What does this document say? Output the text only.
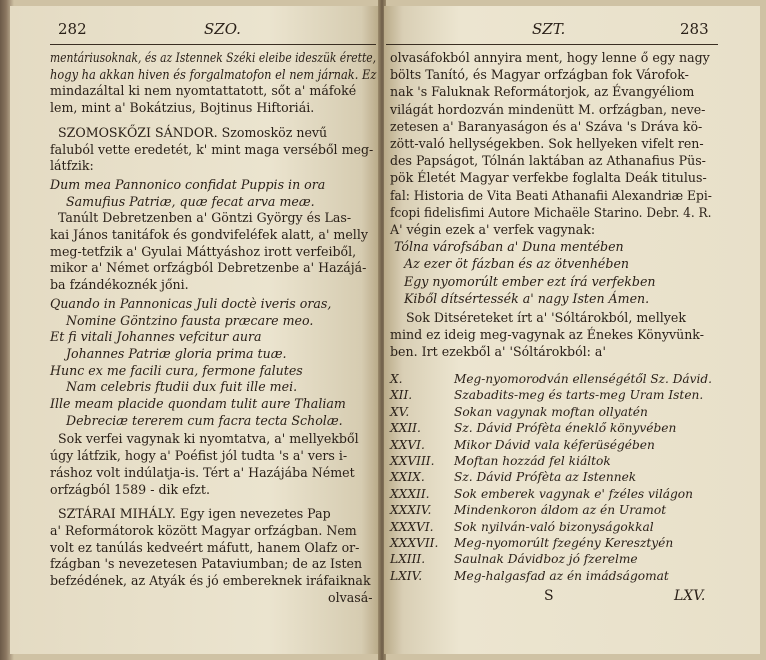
282	SZO.
mentáriusoknak, és az Istennek Széki eleibe ideszük érette,
hogy ha akkan hiven és forgalmatofon el nem járnak. Ez
mindazáltal ki nem nyomtattatott, sőt a' máfoké
lem, mint a' Bokátzius, Bojtinus Hiftoriái.
SZOMOSKŐZI SÁNDOR. Szomosköz nevű
faluból vette eredetét, k' mint maga verséből meg-
látfzik:
Dum mea Pannonico confidat Puppis in ora
Samufius Patriæ, quæ fecat arva meæ.
Tanúlt Debretzenben a' Göntzi György és Las-
kai János tanitáfok és gondvifeléfek alatt, a' melly
meg-tetfzik a' Gyulai Máttyáshoz irott verfeiből,
mikor a' Német orfzágból Debretzenbe a' Hazájá-
ba fzándékoznék jőni.
Quando in Pannonicas Juli doctè iveris oras,
Nomine Göntzino fausta præcare meo.
Et fi vitali Johannes vefcitur aura
Johannes Patriæ gloria prima tuæ.
Hunc ex me facili cura, fermone falutes
Nam celebris ftudii dux fuit ille mei.
Ille meam placide quondam tulit aure Thaliam
Debreciæ tererem cum facra tecta Scholæ.
Sok verfei vagynak ki nyomtatva, a' mellyekből
úgy látfzik, hogy a' Poéfist jól tudta 's a' vers i-
ráshoz volt indúlatja-is. Tért a' Hazájába Német
orfzágból 1589 - dik efzt.
SZTÁRAI MIHÁLY. Egy igen nevezetes Pap
a' Reformátorok között Magyar orfzágban. Nem
volt ez tanúlás kedveért máfutt, hanem Olafz or-
fzágban 's nevezetesen Pataviumban; de az Isten
befzédének, az Atyák és jó embereknek iráfaiknak
olvasá-
SZT.	283
olvasáfokból annyira ment, hogy lenne ő egy nagy
bölts Tanító, és Magyar orfzágban fok Várofok-
nak 's Faluknak Reformátorjok, az Évangyéliom
világát hordozván mindenütt M. orfzágban, neve-
zetesen a' Baranyaságon és a' Száva 's Dráva kö-
zött-való hellységekben. Sok hellyeken vifelt ren-
des Papságot, Tólnán laktában az Athanafius Püs-
pök Életét Magyar verfekbe foglalta Deák titulus-
fal: Historia de Vita Beati Athanafii Alexandriæ Epi-
fcopi fidelisfimi Autore Michaële Starino. Debr. 4. R.
A' végin ezek a' verfek vagynak:
Tólna várofsában a' Duna mentében
Az ezer öt fázban és az ötvenhében
Egy nyomorúlt ember ezt írá verfekben
Kiből dítsértessék a' nagy Isten Ámen.
Sok Ditséreteket írt a' 'Sóltárokból, mellyek
mind ez ideig meg-vagynak az Énekes Könyvünk-
ben. Irt ezekből a' 'Sóltárokból: a'
X.	Meg-nyomorodván ellenségétől Sz. Dávid.
XII.	Szabadits-meg és tarts-meg Uram Isten.
XV.	Sokan vagynak moftan ollyatén
XXII.	Sz. Dávid Prófèta éneklő könyvében
XXVI. Mikor Dávid vala kéferüségében
XXVIII. Moftan hozzád fel kiáltok
XXIX. Sz. Dávid Prófèta az Istennek
XXXII. Sok emberek vagynak e' fzéles világon
XXXIV. Mindenkoron áldom az én Uramot
XXXVI. Sok nyilván-való bizonyságokkal
XXXVII. Meg-nyomorúlt fzegény Keresztyén
LXIII. Saulnak Dávidboz jó fzerelme
LXIV.	Meg-halgasfad az én imádságomat
S	LXV.
